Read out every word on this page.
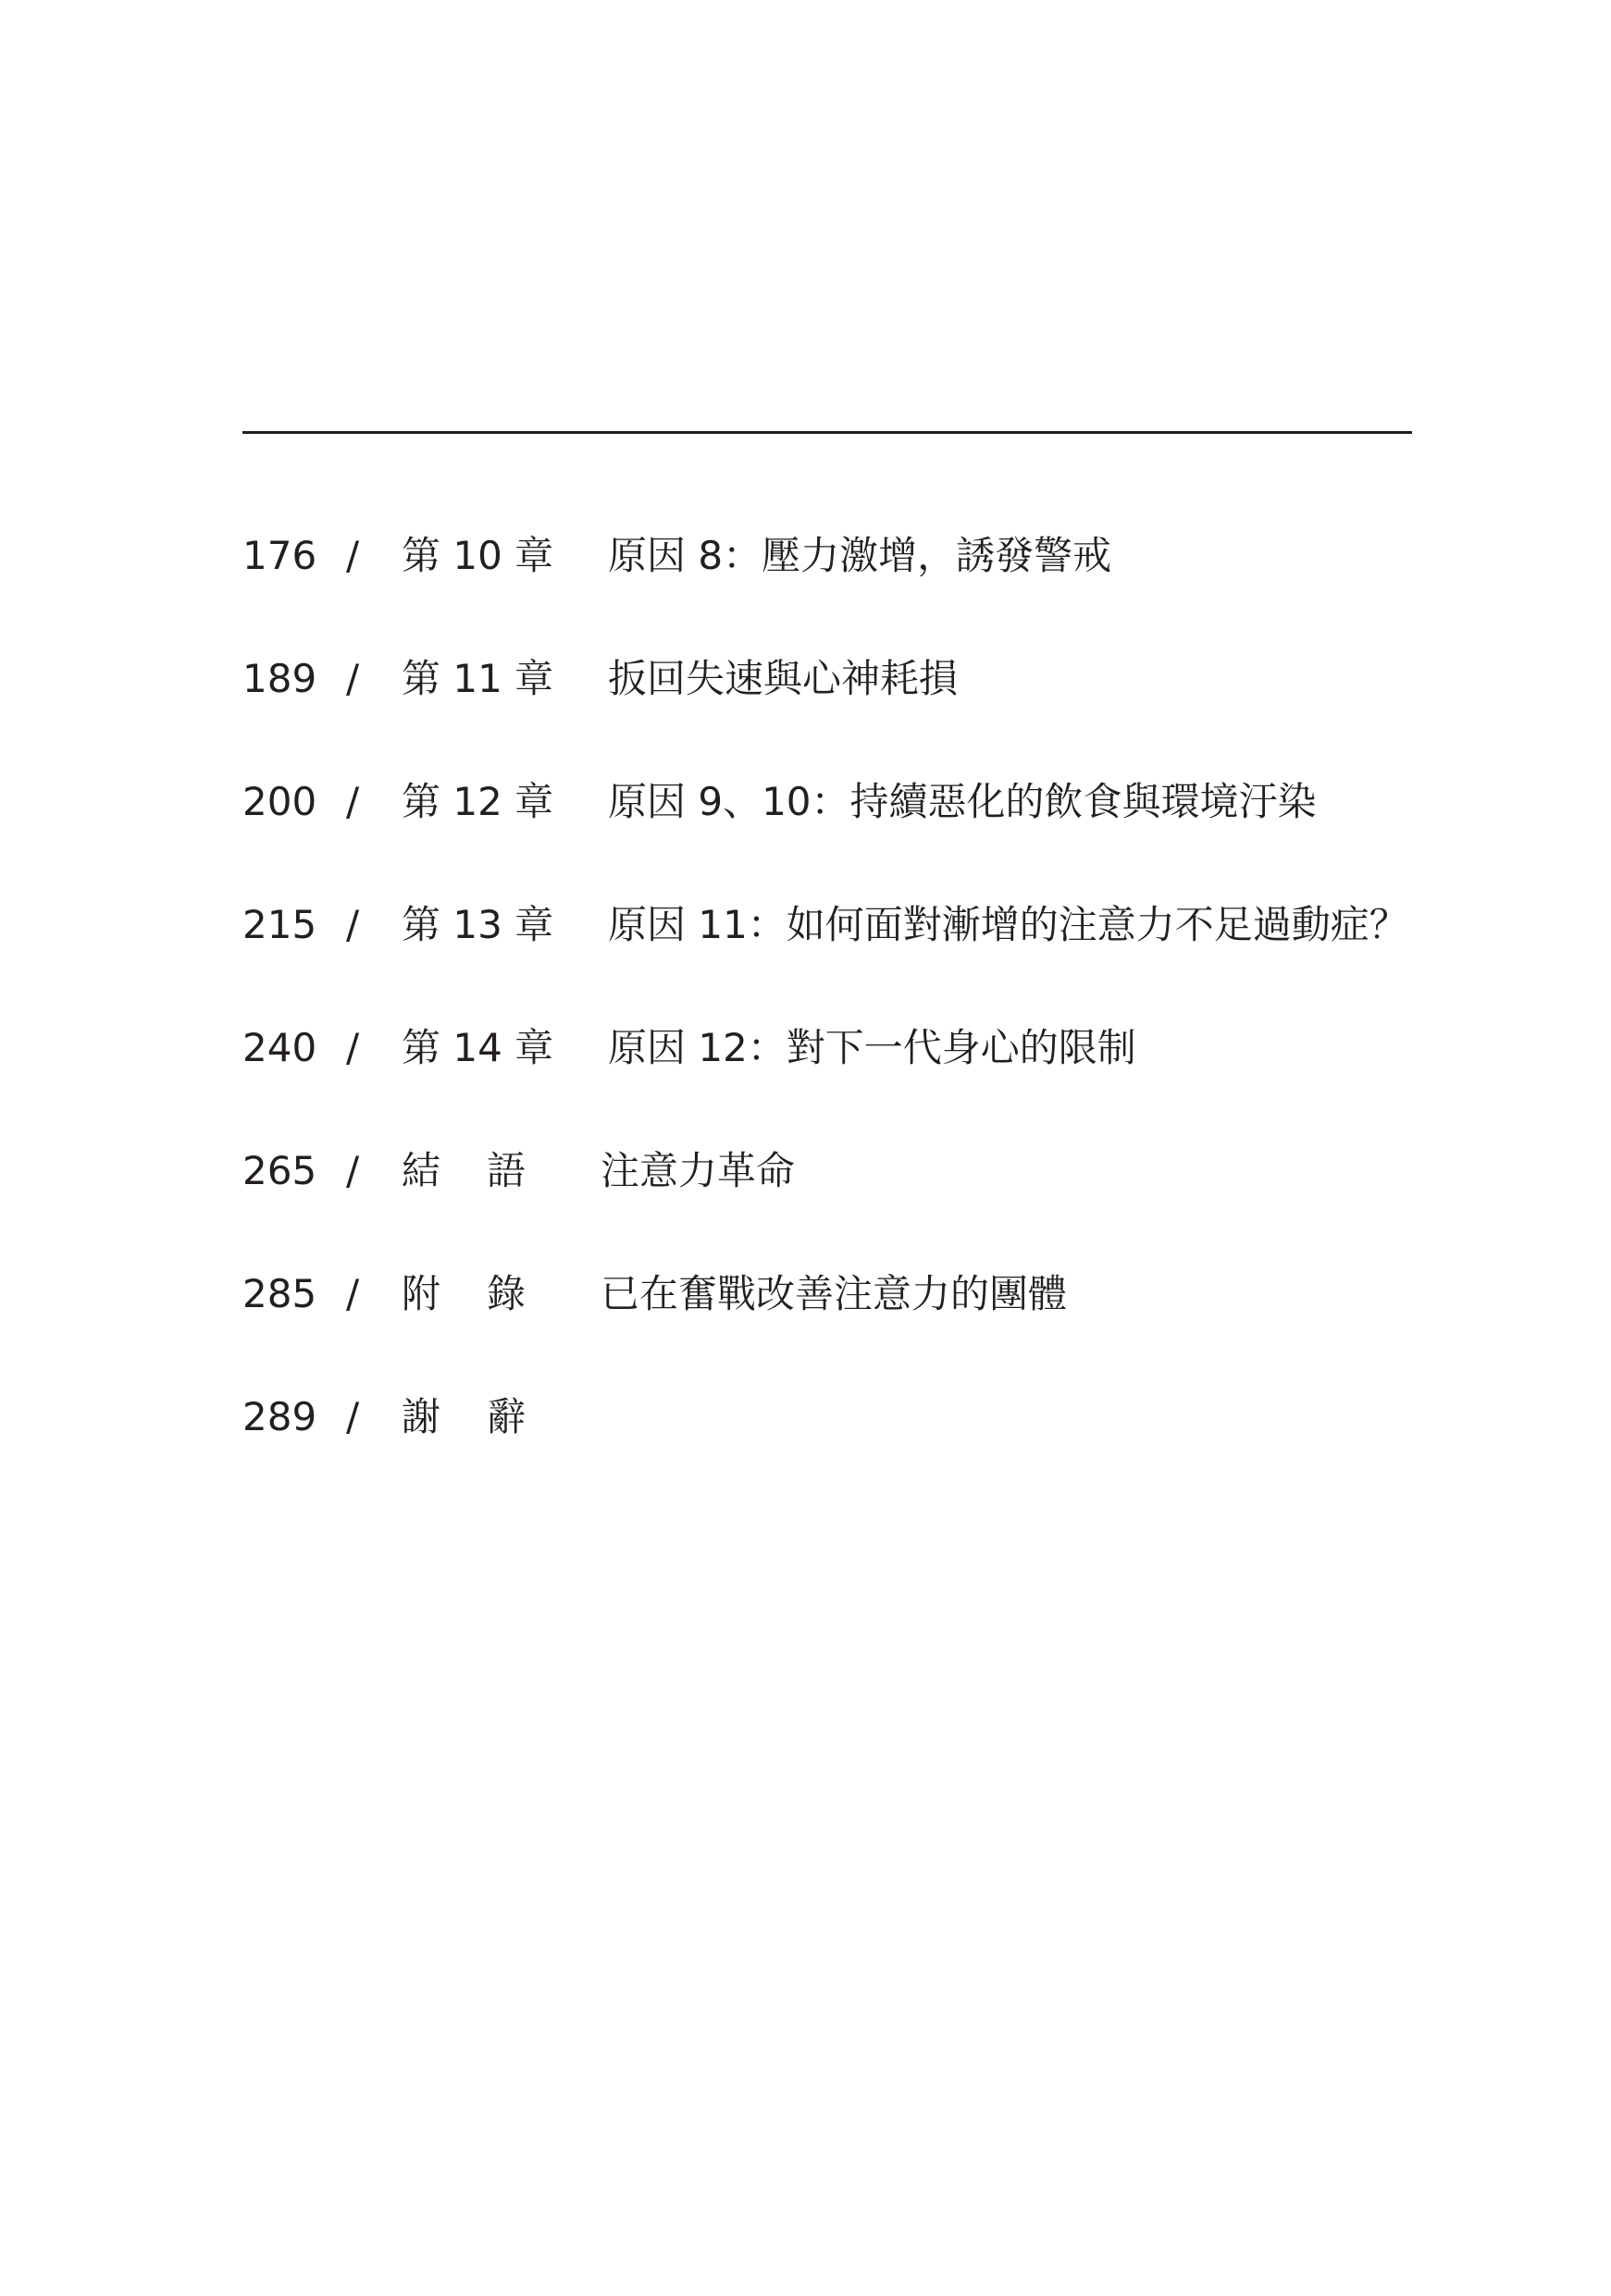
176 / 第 10 章 原因 8：壓力激增，誘發警戒
189 / 第 11 章 扳回失速與心神耗損
200 / 第 12 章 原因 9、10：持續惡化的飲食與環境汙染
215 / 第 13 章 原因 11：如何面對漸增的注意力不足過動症？
240 / 第 14 章 原因 12：對下一代身心的限制
265 / 結語 注意力革命
285 / 附錄 已在奮戰改善注意力的團體
289 / 謝辭
